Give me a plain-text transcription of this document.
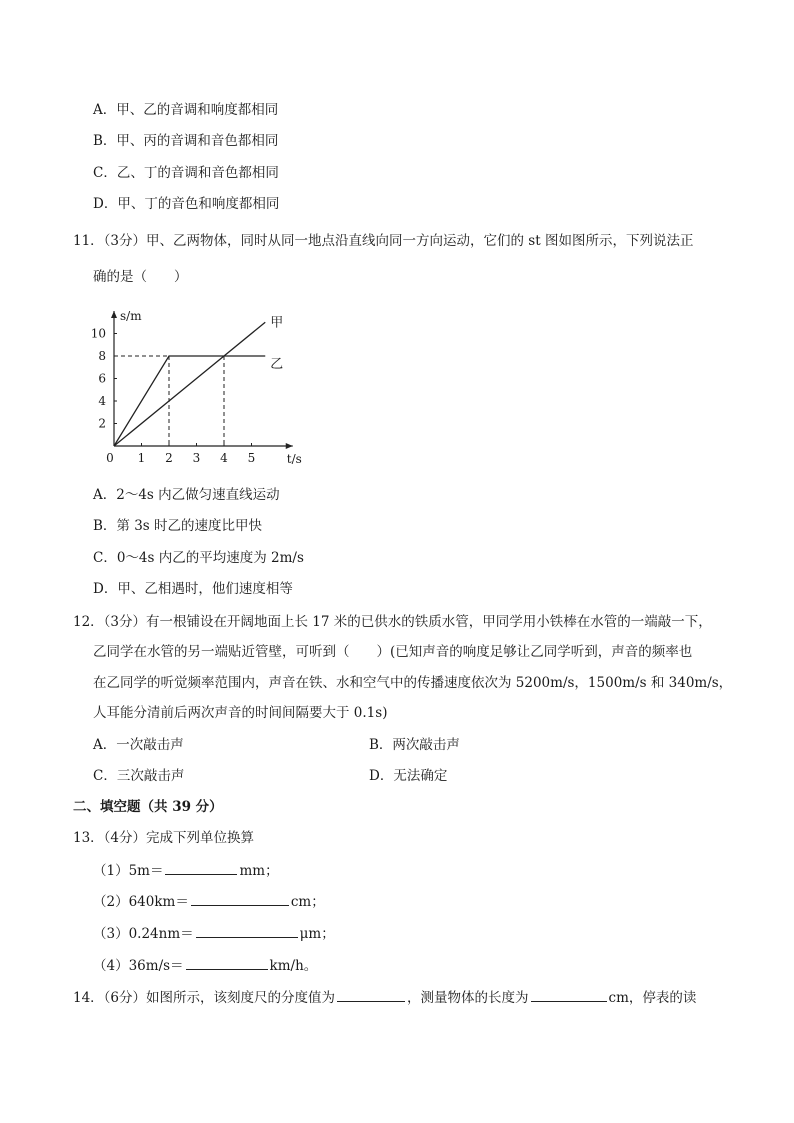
A．甲、乙的音调和响度都相同
B．甲、丙的音调和音色都相同
C．乙、丁的音调和音色都相同
D．甲、丁的音色和响度都相同
11．（3分）甲、乙两物体，同时从同一地点沿直线向同一方向运动，它们的 st 图如图所示，下列说法正
确的是（　　）
s/m
t/s
0 1 2 3 4 5
2
4
6
8
10
甲
乙
A．2～4s 内乙做匀速直线运动
B．第 3s 时乙的速度比甲快
C．0～4s 内乙的平均速度为 2m/s
D．甲、乙相遇时，他们速度相等
12．（3分）有一根铺设在开阔地面上长 17 米的已供水的铁质水管，甲同学用小铁棒在水管的一端敲一下，
乙同学在水管的另一端贴近管壁，可听到（　　）(已知声音的响度足够让乙同学听到，声音的频率也
在乙同学的听觉频率范围内，声音在铁、水和空气中的传播速度依次为 5200m/s，1500m/s 和 340m/s，
人耳能分清前后两次声音的时间间隔要大于 0.1s)
A．一次敲击声	B．两次敲击声
C．三次敲击声	D．无法确定
二、填空题（共 39 分）
13．（4分）完成下列单位换算
（1）5m＝	mm；
（2）640km＝	cm；
（3）0.24nm＝	μm；
（4）36m/s＝	km/h。
14．（6分）如图所示，该刻度尺的分度值为	，测量物体的长度为	cm，停表的读
